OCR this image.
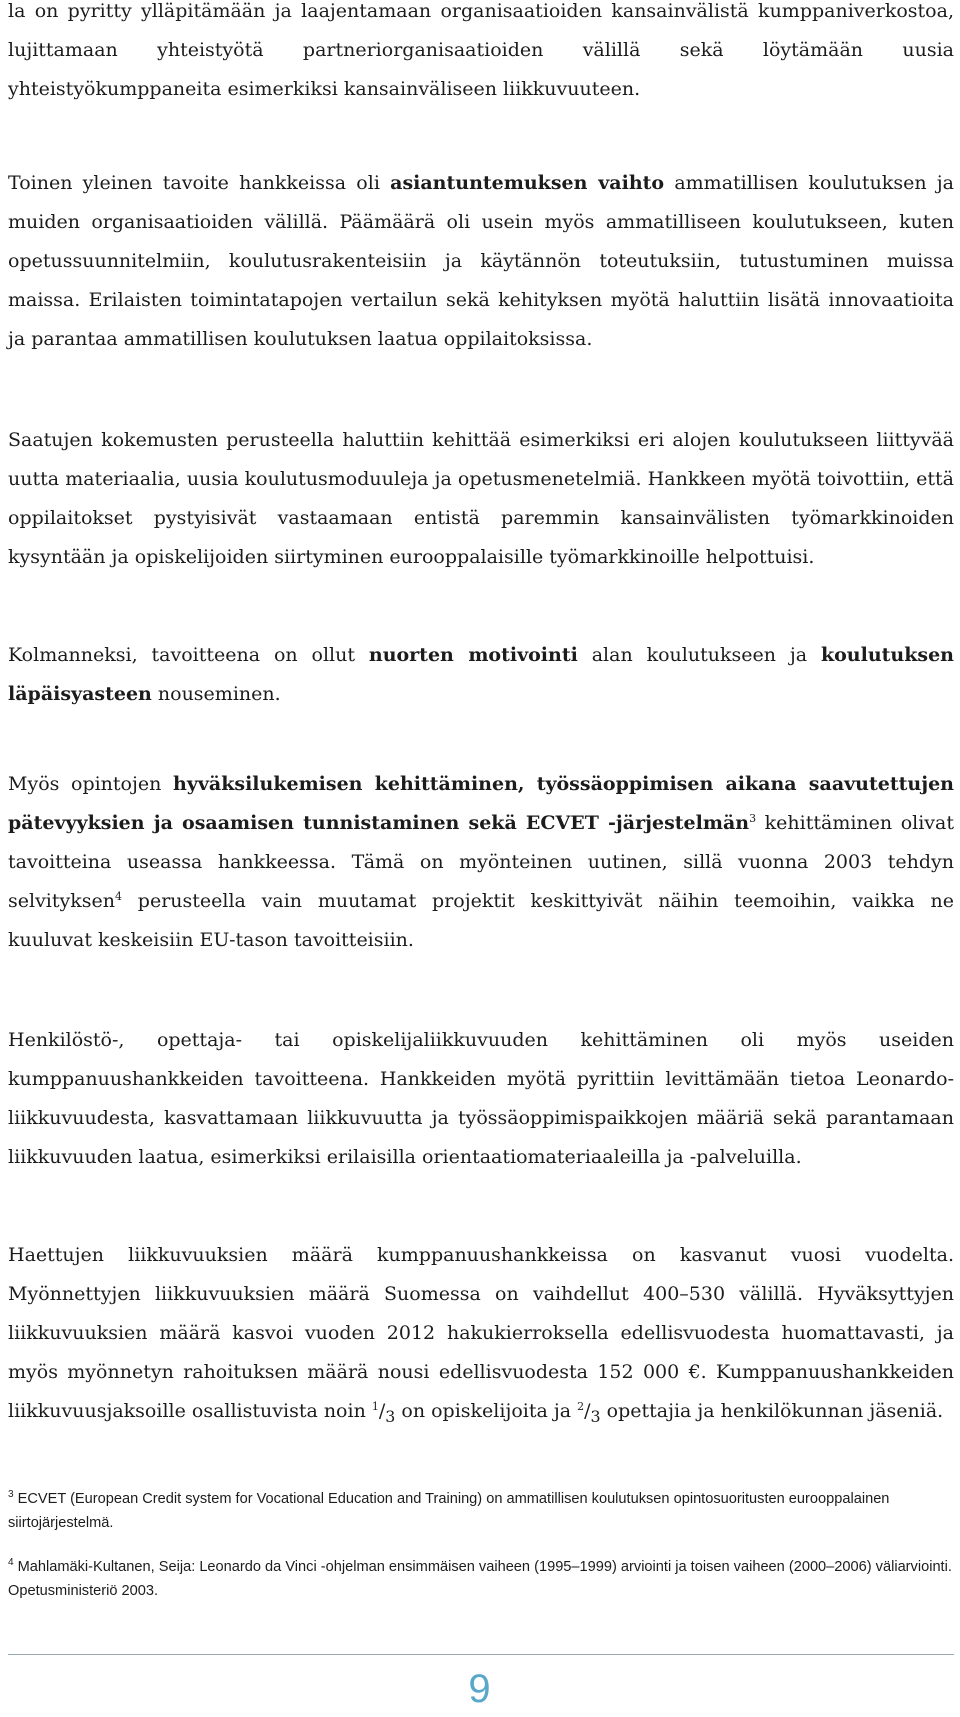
la on pyritty ylläpitämään ja laajentamaan organisaatioiden kansainvälistä kumppaniverkostoa, lujittamaan yhteistyötä partneriorganisaatioiden välillä sekä löytämään uusia yhteistyökumppaneita esimerkiksi kansainväliseen liikkuvuuteen.
Toinen yleinen tavoite hankkeissa oli asiantuntemuksen vaihto ammatillisen koulutuksen ja muiden organisaatioiden välillä. Päämäärä oli usein myös ammatilliseen koulutukseen, kuten opetussuunnitelmiin, koulutusrakenteisiin ja käytännön toteutuksiin, tutustuminen muissa maissa. Erilaisten toimintatapojen vertailun sekä kehityksen myötä haluttiin lisätä innovaatioita ja parantaa ammatillisen koulutuksen laatua oppilaitoksissa.
Saatujen kokemusten perusteella haluttiin kehittää esimerkiksi eri alojen koulutukseen liittyvää uutta materiaalia, uusia koulutusmoduuleja ja opetusmenetelmiä. Hankkeen myötä toivottiin, että oppilaitokset pystyisivät vastaamaan entistä paremmin kansainvälisten työmarkkinoiden kysyntään ja opiskelijoiden siirtyminen eurooppalaisille työmarkkinoille helpottuisi.
Kolmanneksi, tavoitteena on ollut nuorten motivointi alan koulutukseen ja koulutuksen läpäisyasteen nouseminen.
Myös opintojen hyväksilukemisen kehittäminen, työssäoppimisen aikana saavutettujen pätevyyksien ja osaamisen tunnistaminen sekä ECVET -järjestelmän$^3$ kehittäminen olivat tavoitteina useassa hankkeessa. Tämä on myönteinen uutinen, sillä vuonna 2003 tehdyn selvityksen$^4$ perusteella vain muutamat projektit keskittyivät näihin teemoihin, vaikka ne kuuluvat keskeisiin EU-tason tavoitteisiin.
Henkilöstö-, opettaja- tai opiskelijaliikkuvuuden kehittäminen oli myös useiden kumppanuushankkeiden tavoitteena. Hankkeiden myötä pyrittiin levittämään tietoa Leonardo-liikkuvuudesta, kasvattamaan liikkuvuutta ja työssäoppimispaikkojen määriä sekä parantamaan liikkuvuuden laatua, esimerkiksi erilaisilla orientaatiomateriaaleilla ja -palveluilla.
Haettujen liikkuvuuksien määrä kumppanuushankkeissa on kasvanut vuosi vuodelta. Myönnettyjen liikkuvuuksien määrä Suomessa on vaihdellut 400–530 välillä. Hyväksyttyjen liikkuvuuksien määrä kasvoi vuoden 2012 hakukierroksella edellisvuodesta huomattavasti, ja myös myönnetyn rahoituksen määrä nousi edellisvuodesta 152 000 €. Kumppanuushankkeiden liikkuvuusjaksoille osallistuvista noin $^1/_3$ on opiskelijoita ja $^2/_3$ opettajia ja henkilökunnan jäseniä.
$^3$ ECVET (European Credit system for Vocational Education and Training) on ammatillisen koulutuksen opintosuoritusten eurooppalainen siirtojärjestelmä.
$^4$ Mahlamäki-Kultanen, Seija: Leonardo da Vinci -ohjelman ensimmäisen vaiheen (1995–1999) arviointi ja toisen vaiheen (2000–2006) väliarviointi. Opetusministeriö 2003.
9
